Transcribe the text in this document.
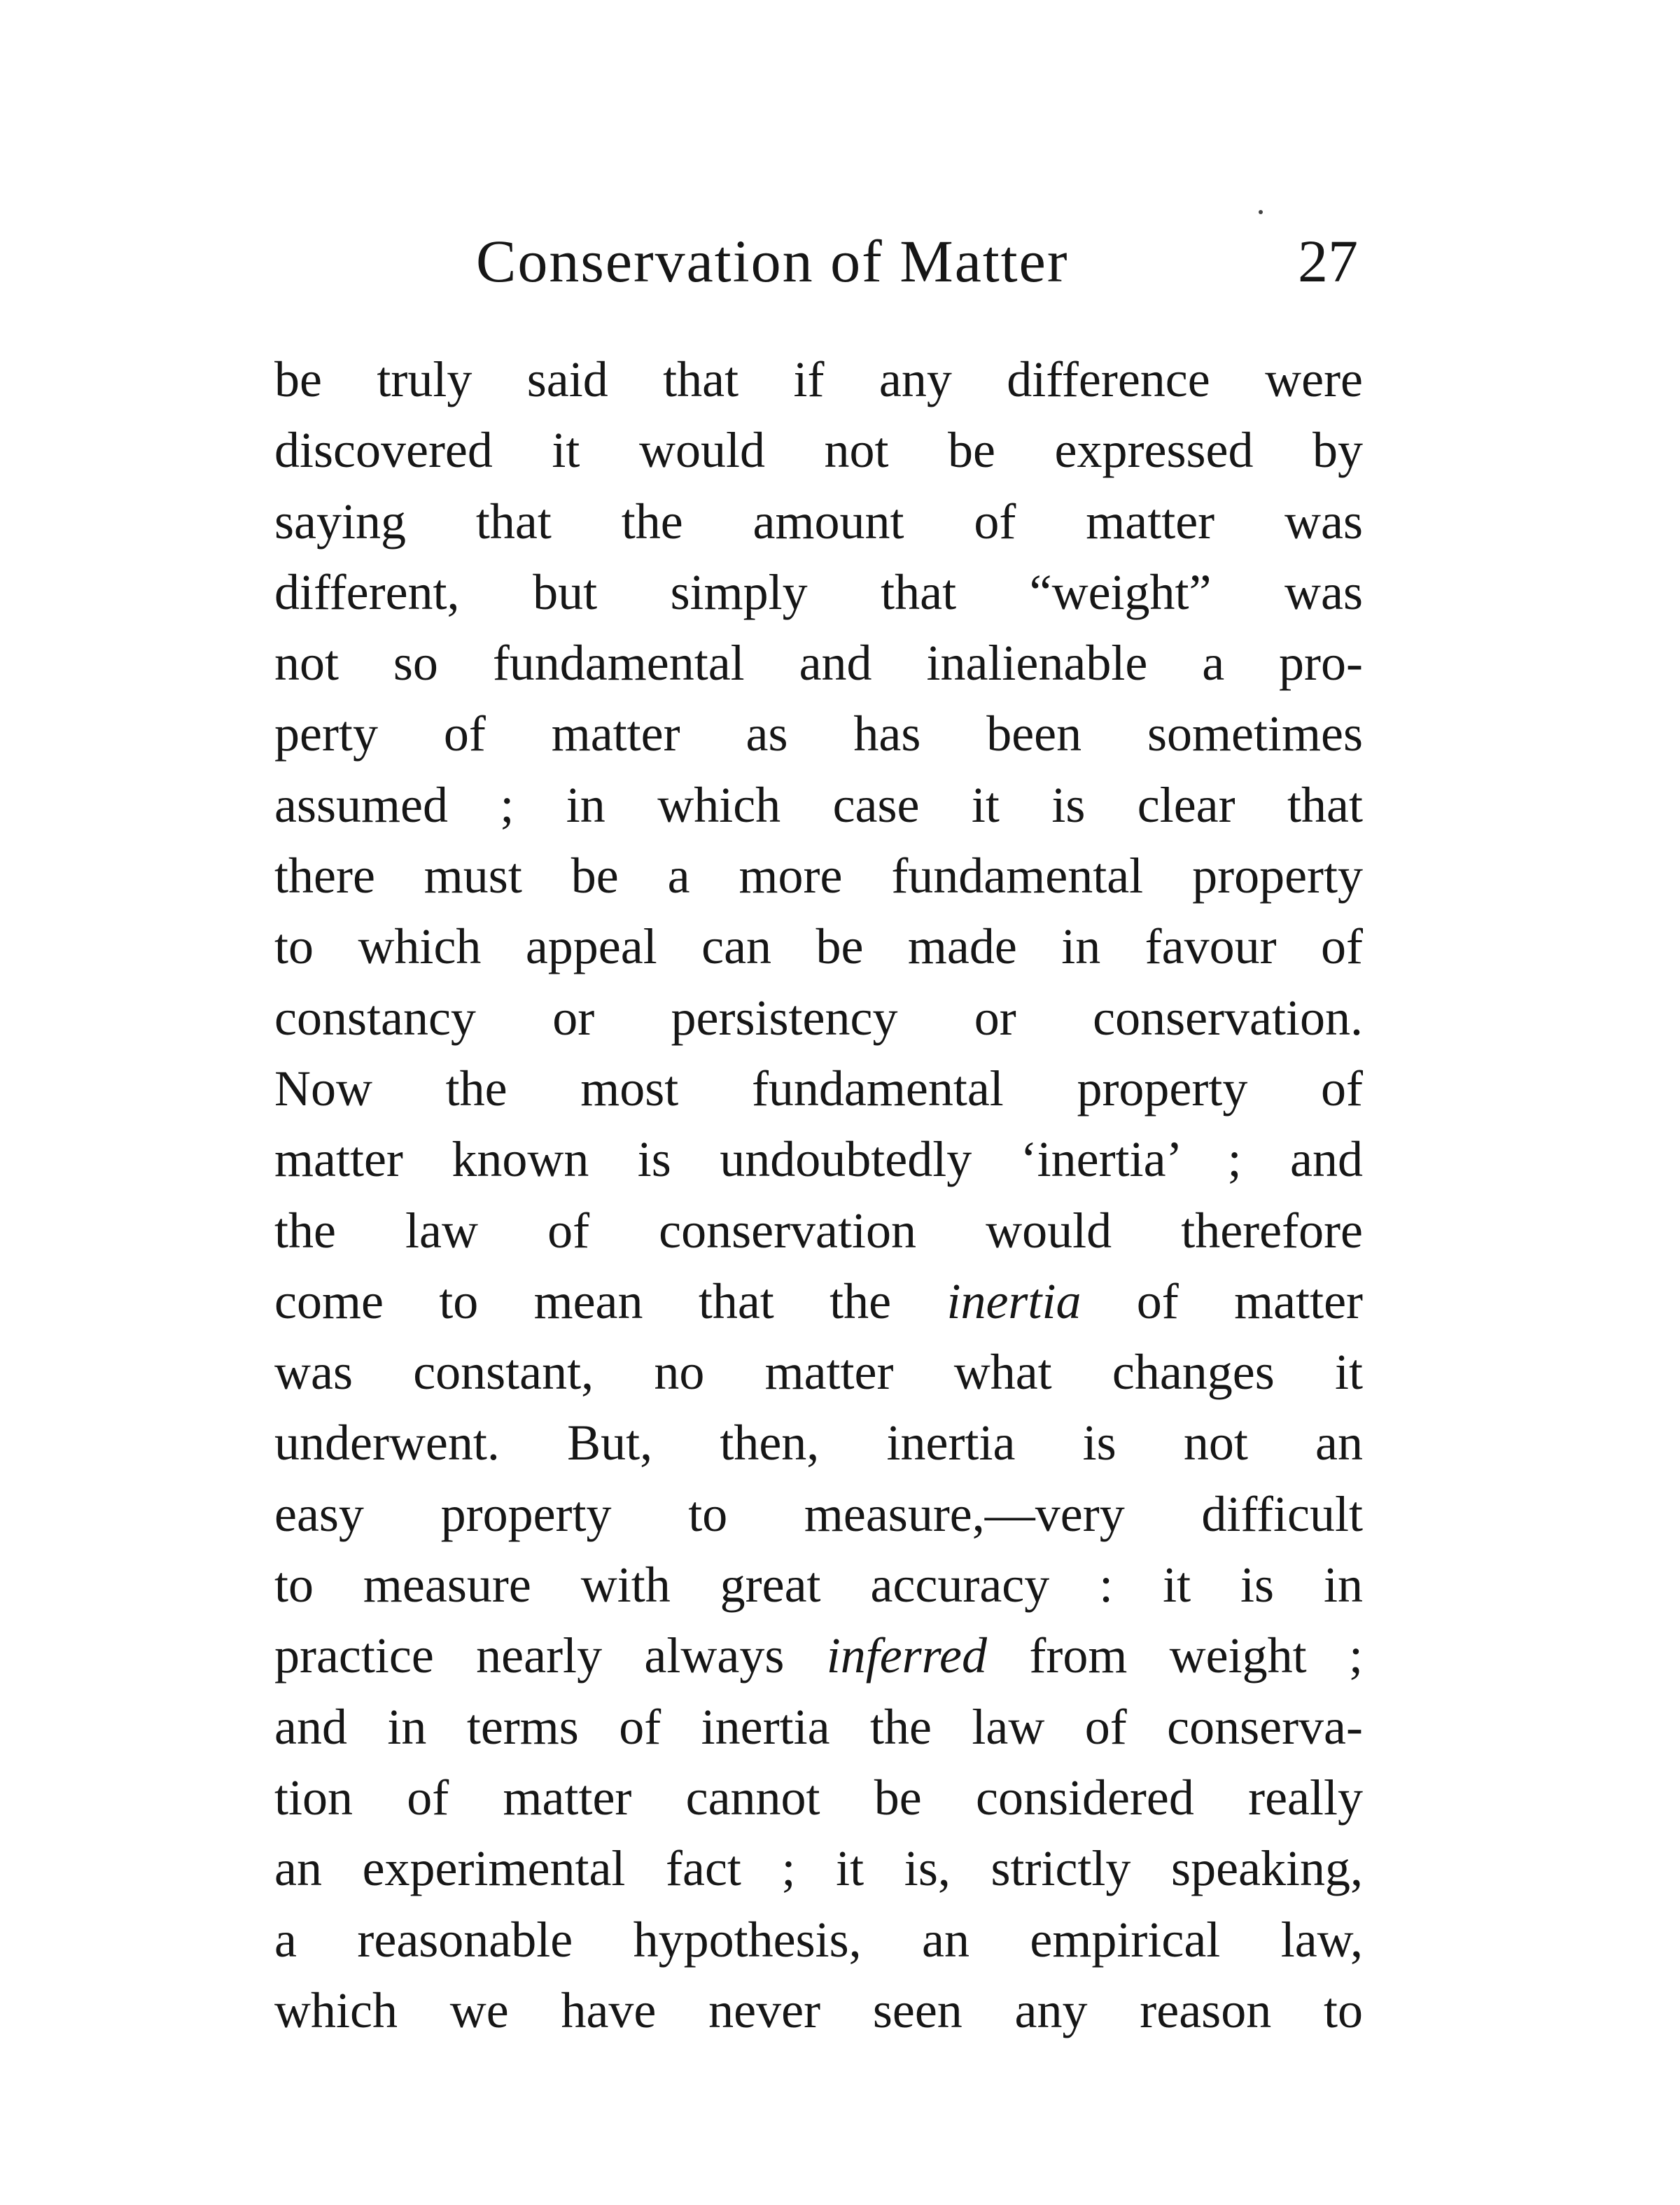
Conservation of Matter	27
be truly said that if any difference were
discovered it would not be expressed by
saying that the amount of matter was
different, but simply that “weight” was
not so fundamental and inalienable a pro-
perty of matter as has been sometimes
assumed ; in which case it is clear that
there must be a more fundamental property
to which appeal can be made in favour of
constancy or persistency or conservation.
Now the most fundamental property of
matter known is undoubtedly ‘inertia’ ; and
the law of conservation would therefore
come to mean that the inertia of matter
was constant, no matter what changes it
underwent. But, then, inertia is not an
easy property to measure,—very difficult
to measure with great accuracy : it is in
practice nearly always inferred from weight ;
and in terms of inertia the law of conserva-
tion of matter cannot be considered really
an experimental fact ; it is, strictly speaking,
a reasonable hypothesis, an empirical law,
which we have never seen any reason to
